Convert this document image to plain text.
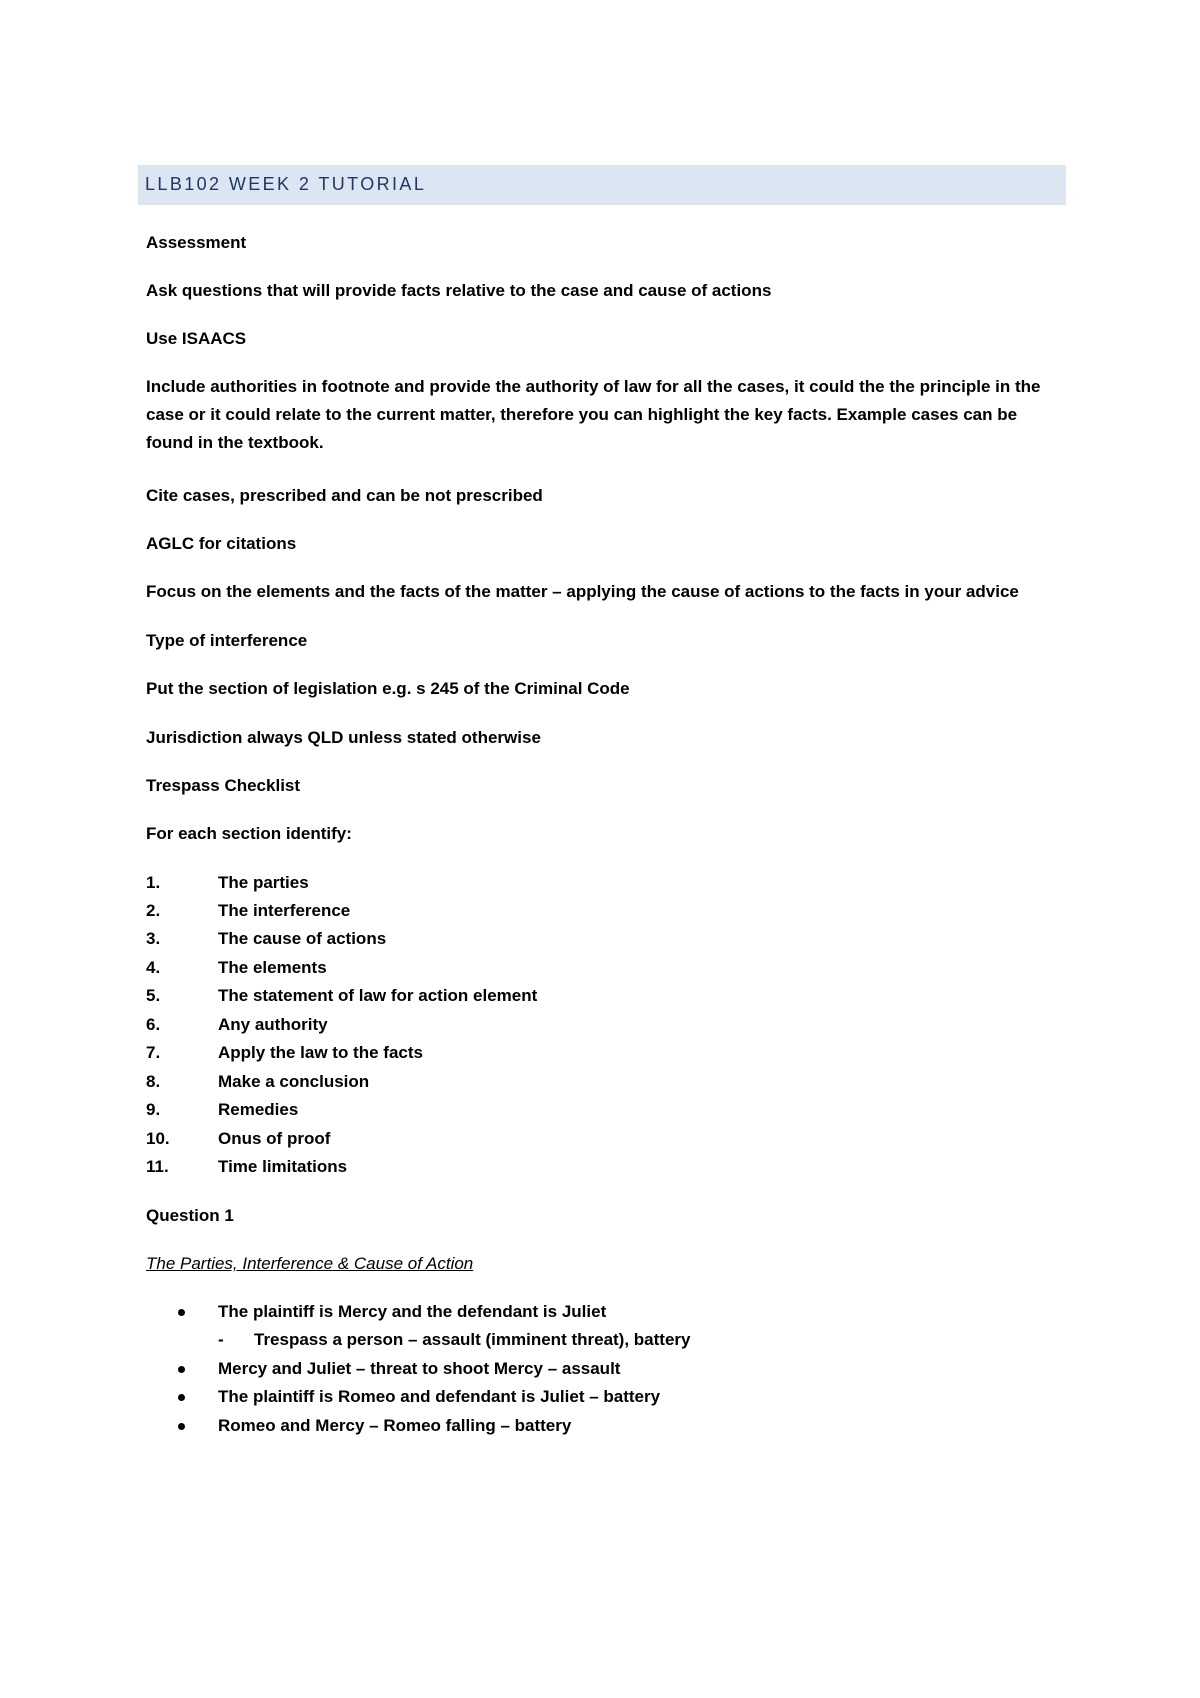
LLB102 WEEK 2 TUTORIAL
Assessment
Ask questions that will provide facts relative to the case and cause of actions
Use ISAACS
Include authorities in footnote and provide the authority of law for all the cases, it could the the principle in the case or it could relate to the current matter, therefore you can highlight the key facts. Example cases can be found in the textbook.
Cite cases, prescribed and can be not prescribed
AGLC for citations
Focus on the elements and the facts of the matter – applying the cause of actions to the facts in your advice
Type of interference
Put the section of legislation e.g. s 245 of the Criminal Code
Jurisdiction always QLD unless stated otherwise
Trespass Checklist
For each section identify:
1.	The parties
2.	The interference
3.	The cause of actions
4.	The elements
5.	The statement of law for action element
6.	Any authority
7.	Apply the law to the facts
8.	Make a conclusion
9.	Remedies
10.	Onus of proof
11.	Time limitations
Question 1
The Parties, Interference & Cause of Action
The plaintiff is Mercy and the defendant is Juliet
- Trespass a person – assault (imminent threat), battery
Mercy and Juliet – threat to shoot Mercy – assault
The plaintiff is Romeo and defendant is Juliet – battery
Romeo and Mercy – Romeo falling – battery
